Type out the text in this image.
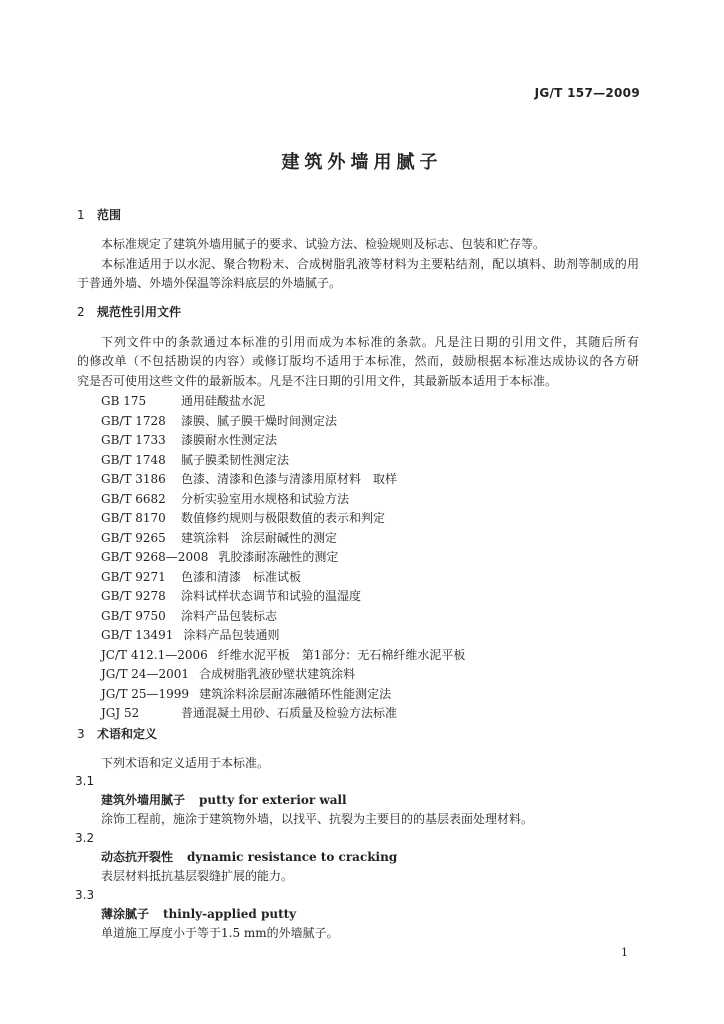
JG/T 157—2009
建筑外墙用腻子
1 范围
本标准规定了建筑外墙用腻子的要求、试验方法、检验规则及标志、包装和贮存等。
本标准适用于以水泥、聚合物粉末、合成树脂乳液等材料为主要粘结剂，配以填料、助剂等制成的用
于普通外墙、外墙外保温等涂料底层的外墙腻子。
2 规范性引用文件
下列文件中的条款通过本标准的引用而成为本标准的条款。凡是注日期的引用文件，其随后所有
的修改单（不包括勘误的内容）或修订版均不适用于本标准，然而，鼓励根据本标准达成协议的各方研
究是否可使用这些文件的最新版本。凡是不注日期的引用文件，其最新版本适用于本标准。
GB 175	通用硅酸盐水泥
GB/T 1728 漆膜、腻子膜干燥时间测定法
GB/T 1733 漆膜耐水性测定法
GB/T 1748 腻子膜柔韧性测定法
GB/T 3186 色漆、清漆和色漆与清漆用原材料　取样
GB/T 6682 分析实验室用水规格和试验方法
GB/T 8170 数值修约规则与极限数值的表示和判定
GB/T 9265 建筑涂料　涂层耐碱性的测定
GB/T 9268—2008 乳胶漆耐冻融性的测定
GB/T 9271 色漆和清漆　标准试板
GB/T 9278 涂料试样状态调节和试验的温湿度
GB/T 9750 涂料产品包装标志
GB/T 13491 涂料产品包装通则
JC/T 412.1—2006 纤维水泥平板　第1部分：无石棉纤维水泥平板
JG/T 24—2001 合成树脂乳液砂壁状建筑涂料
JG/T 25—1999 建筑涂料涂层耐冻融循环性能测定法
JGJ 52	普通混凝土用砂、石质量及检验方法标准
3 术语和定义
下列术语和定义适用于本标准。
3.1
建筑外墙用腻子 putty for exterior wall
涂饰工程前，施涂于建筑物外墙，以找平、抗裂为主要目的的基层表面处理材料。
3.2
动态抗开裂性 dynamic resistance to cracking
表层材料抵抗基层裂缝扩展的能力。
3.3
薄涂腻子 thinly-applied putty
单道施工厚度小于等于1.5 mm的外墙腻子。
1
